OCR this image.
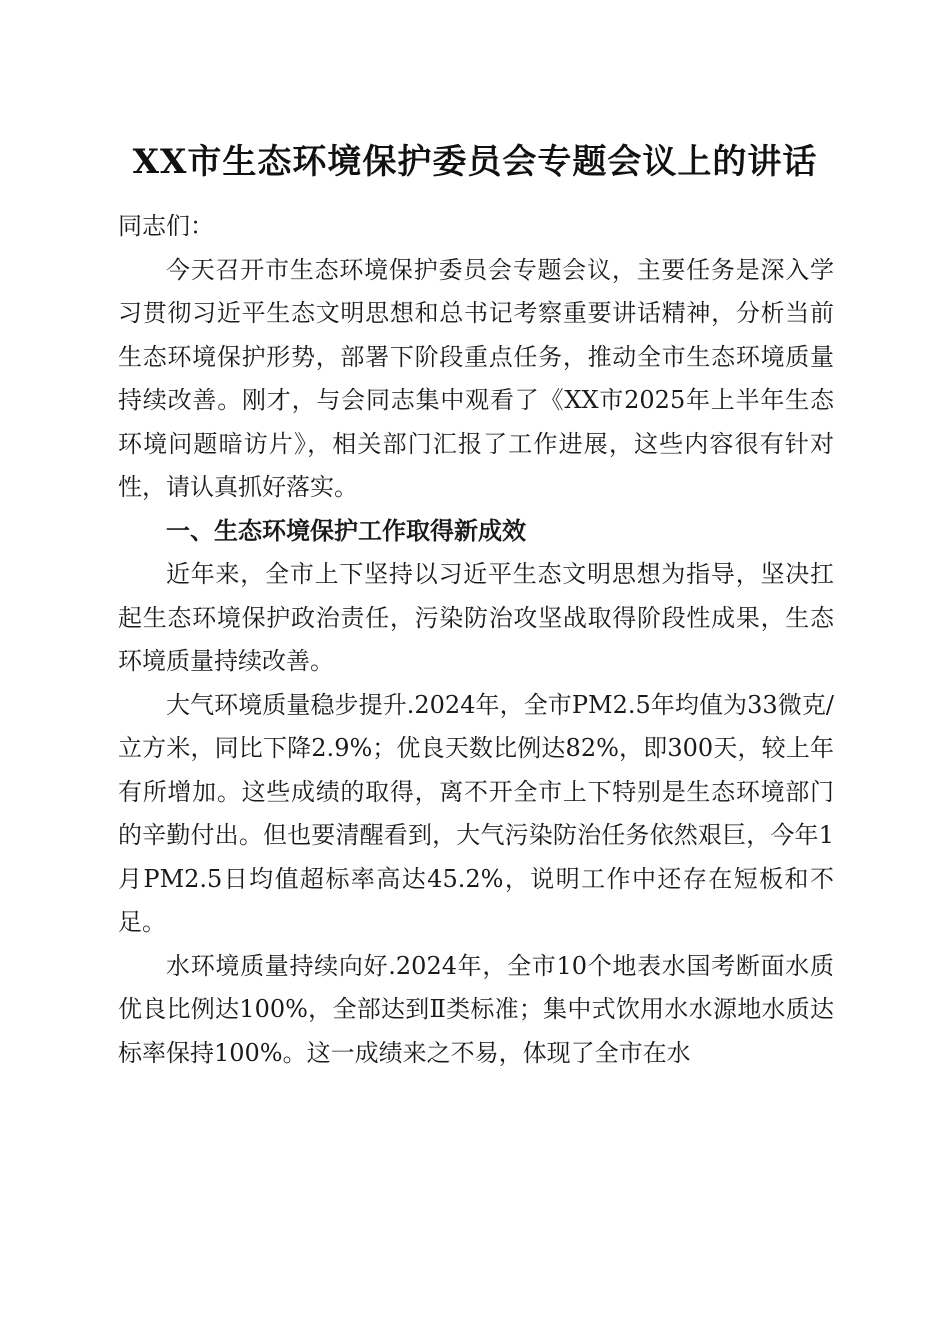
XX市生态环境保护委员会专题会议上的讲话

同志们：

今天召开市生态环境保护委员会专题会议，主要任务是深入学习贯彻习近平生态文明思想和总书记考察重要讲话精神，分析当前生态环境保护形势，部署下阶段重点任务，推动全市生态环境质量持续改善。刚才，与会同志集中观看了《XX市2025年上半年生态环境问题暗访片》，相关部门汇报了工作进展，这些内容很有针对性，请认真抓好落实。

一、生态环境保护工作取得新成效

近年来，全市上下坚持以习近平生态文明思想为指导，坚决扛起生态环境保护政治责任，污染防治攻坚战取得阶段性成果，生态环境质量持续改善。

大气环境质量稳步提升.2024年，全市PM2.5年均值为33微克/立方米，同比下降2.9%；优良天数比例达82%，即300天，较上年有所增加。这些成绩的取得，离不开全市上下特别是生态环境部门的辛勤付出。但也要清醒看到，大气污染防治任务依然艰巨，今年1月PM2.5日均值超标率高达45.2%，说明工作中还存在短板和不足。

水环境质量持续向好.2024年，全市10个地表水国考断面水质优良比例达100%，全部达到Ⅱ类标准；集中式饮用水水源地水质达标率保持100%。这一成绩来之不易，体现了全市在水
